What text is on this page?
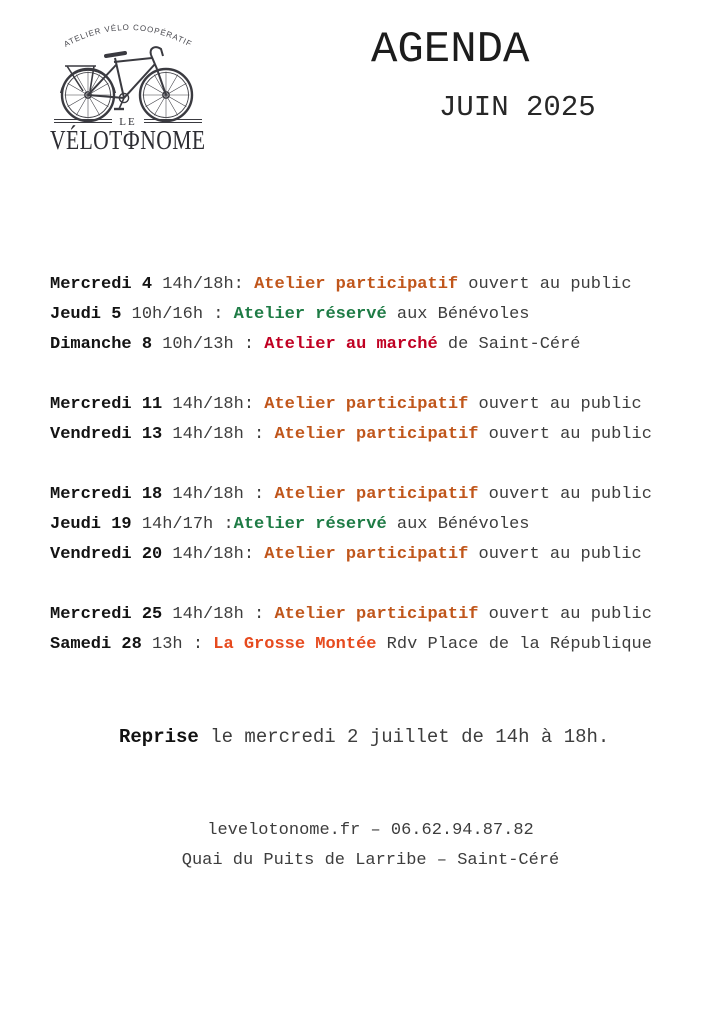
ATELIER VÉLO COOPÉRATIF
LE
VÉLOTФNOME
AGENDA
JUIN 2025
Mercredi 4 14h/18h: Atelier participatif ouvert au public
Jeudi 5 10h/16h : Atelier réservé aux Bénévoles
Dimanche 8 10h/13h : Atelier au marché de Saint-Céré
Mercredi 11 14h/18h: Atelier participatif ouvert au public
Vendredi 13 14h/18h : Atelier participatif ouvert au public
Mercredi 18 14h/18h : Atelier participatif ouvert au public
Jeudi 19 14h/17h :Atelier réservé aux Bénévoles
Vendredi 20 14h/18h: Atelier participatif ouvert au public
Mercredi 25 14h/18h : Atelier participatif ouvert au public
Samedi 28 13h : La Grosse Montée Rdv Place de la République

Reprise le mercredi 2 juillet de 14h à 18h.

levelotonome.fr – 06.62.94.87.82
Quai du Puits de Larribe – Saint-Céré
